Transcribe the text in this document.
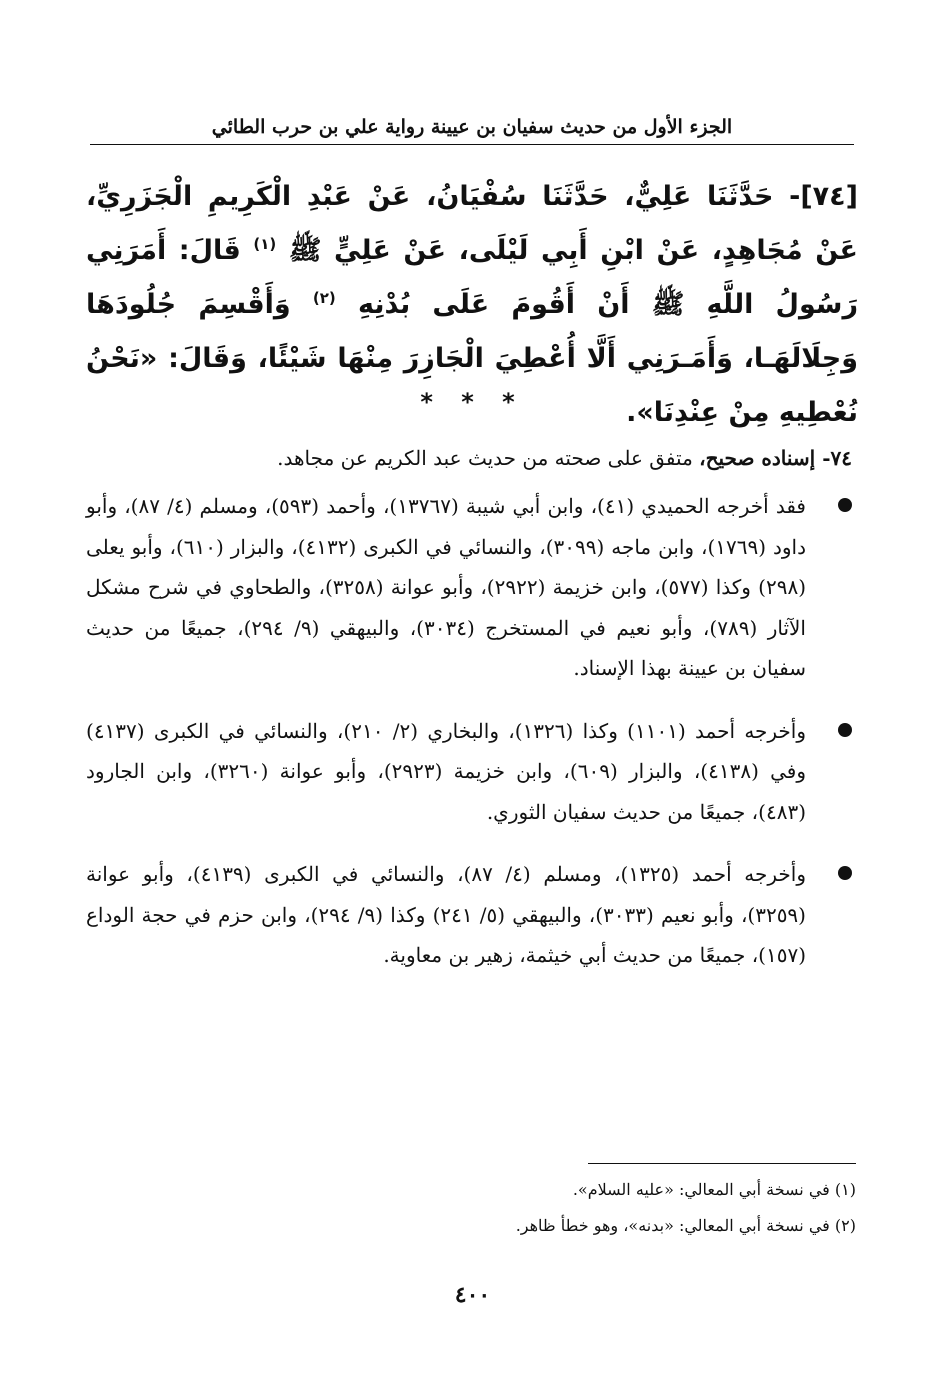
الجزء الأول من حديث سفيان بن عيينة رواية علي بن حرب الطائي
[٧٤]- حَدَّثَنَا عَلِيٌّ، حَدَّثَنَا سُفْيَانُ، عَنْ عَبْدِ الْكَرِيمِ الْجَزَرِيِّ، عَنْ مُجَاهِدٍ، عَنْ ابْنِ أَبِي لَيْلَى، عَنْ عَلِيٍّ ﷺ $^{(١)}$ قَالَ: أَمَرَنِي رَسُولُ اللَّهِ ﷺ أَنْ أَقُومَ عَلَى بُدْنِهِ $^{(٢)}$ وَأَقْسِمَ جُلُودَهَا وَجِلَالَهَـا، وَأَمَـرَنِي أَلَّا أُعْطِيَ الْجَازِرَ مِنْهَا شَيْئًا، وَقَالَ: «نَحْنُ نُعْطِيهِ مِنْ عِنْدِنَا».
* * *
٧٤- إسناده صحيح، متفق على صحته من حديث عبد الكريم عن مجاهد.
فقد أخرجه الحميدي (٤١)، وابن أبي شيبة (١٣٧٦٧)، وأحمد (٥٩٣)، ومسلم (٤/ ٨٧)، وأبو داود (١٧٦٩)، وابن ماجه (٣٠٩٩)، والنسائي في الكبرى (٤١٣٢)، والبزار (٦١٠)، وأبو يعلى (٢٩٨) وكذا (٥٧٧)، وابن خزيمة (٢٩٢٢)، وأبو عوانة (٣٢٥٨)، والطحاوي في شرح مشكل الآثار (٧٨٩)، وأبو نعيم في المستخرج (٣٠٣٤)، والبيهقي (٩/ ٢٩٤)، جميعًا من حديث سفيان بن عيينة بهذا الإسناد.
وأخرجه أحمد (١١٠١) وكذا (١٣٢٦)، والبخاري (٢/ ٢١٠)، والنسائي في الكبرى (٤١٣٧) وفي (٤١٣٨)، والبزار (٦٠٩)، وابن خزيمة (٢٩٢٣)، وأبو عوانة (٣٢٦٠)، وابن الجارود (٤٨٣)، جميعًا من حديث سفيان الثوري.
وأخرجه أحمد (١٣٢٥)، ومسلم (٤/ ٨٧)، والنسائي في الكبرى (٤١٣٩)، وأبو عوانة (٣٢٥٩)، وأبو نعيم (٣٠٣٣)، والبيهقي (٥/ ٢٤١) وكذا (٩/ ٢٩٤)، وابن حزم في حجة الوداع (١٥٧)، جميعًا من حديث أبي خيثمة، زهير بن معاوية.
(١) في نسخة أبي المعالي: «عليه السلام».
(٢) في نسخة أبي المعالي: «بدنه»، وهو خطأ ظاهر.
٤٠٠
